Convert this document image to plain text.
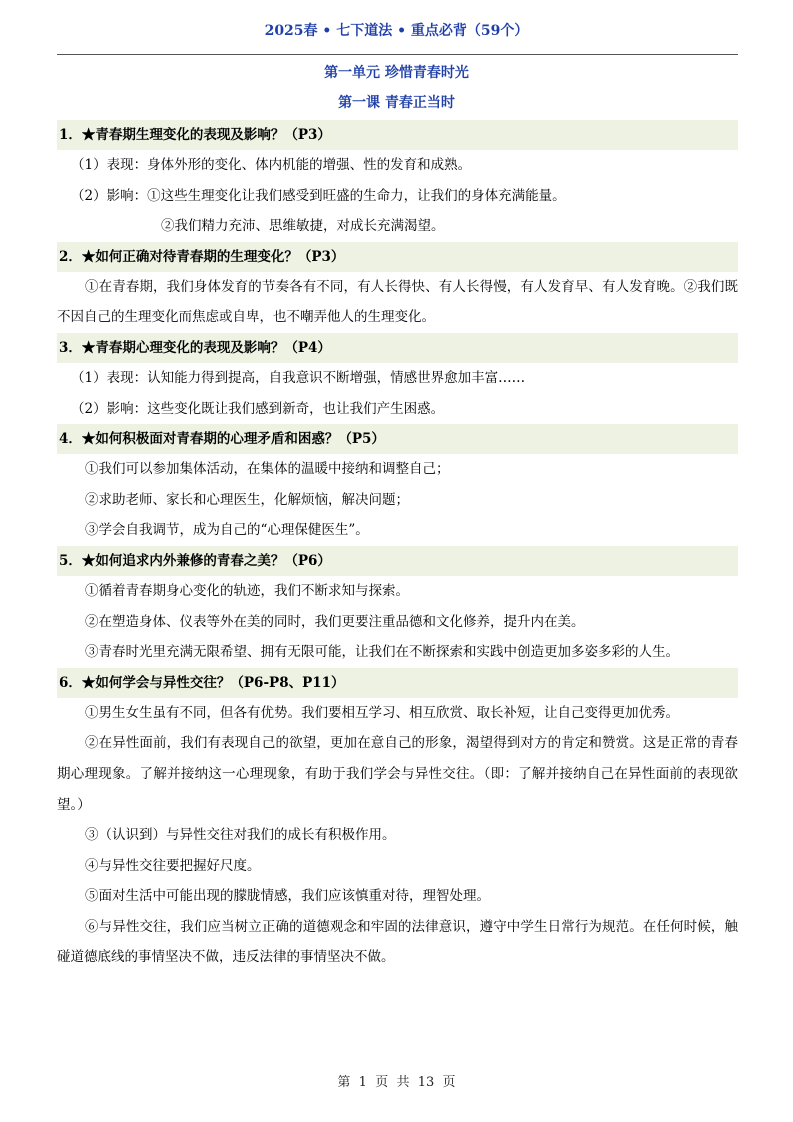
2025春 • 七下道法 • 重点必背（59个）
第一单元 珍惜青春时光
第一课 青春正当时
1．★青春期生理变化的表现及影响？（P3）
（1）表现：身体外形的变化、体内机能的增强、性的发育和成熟。
（2）影响：①这些生理变化让我们感受到旺盛的生命力，让我们的身体充满能量。
②我们精力充沛、思维敏捷，对成长充满渴望。
2．★如何正确对待青春期的生理变化？（P3）
①在青春期，我们身体发育的节奏各有不同，有人长得快、有人长得慢，有人发育早、有人发育晚。②我们既不因自己的生理变化而焦虑或自卑，也不嘲弄他人的生理变化。
3．★青春期心理变化的表现及影响？（P4）
（1）表现：认知能力得到提高，自我意识不断增强，情感世界愈加丰富……
（2）影响：这些变化既让我们感到新奇，也让我们产生困惑。
4．★如何积极面对青春期的心理矛盾和困惑？（P5）
①我们可以参加集体活动，在集体的温暖中接纳和调整自己；
②求助老师、家长和心理医生，化解烦恼，解决问题；
③学会自我调节，成为自己的“心理保健医生”。
5．★如何追求内外兼修的青春之美？（P6）
①循着青春期身心变化的轨迹，我们不断求知与探索。
②在塑造身体、仪表等外在美的同时，我们更要注重品德和文化修养，提升内在美。
③青春时光里充满无限希望、拥有无限可能，让我们在不断探索和实践中创造更加多姿多彩的人生。
6．★如何学会与异性交往？（P6-P8、P11）
①男生女生虽有不同，但各有优势。我们要相互学习、相互欣赏、取长补短，让自己变得更加优秀。
②在异性面前，我们有表现自己的欲望，更加在意自己的形象，渴望得到对方的肯定和赞赏。这是正常的青春期心理现象。了解并接纳这一心理现象，有助于我们学会与异性交往。（即：了解并接纳自己在异性面前的表现欲望。）
③（认识到）与异性交往对我们的成长有积极作用。
④与异性交往要把握好尺度。
⑤面对生活中可能出现的朦胧情感，我们应该慎重对待，理智处理。
⑥与异性交往，我们应当树立正确的道德观念和牢固的法律意识，遵守中学生日常行为规范。在任何时候，触碰道德底线的事情坚决不做，违反法律的事情坚决不做。
第  1  页  共  13  页
